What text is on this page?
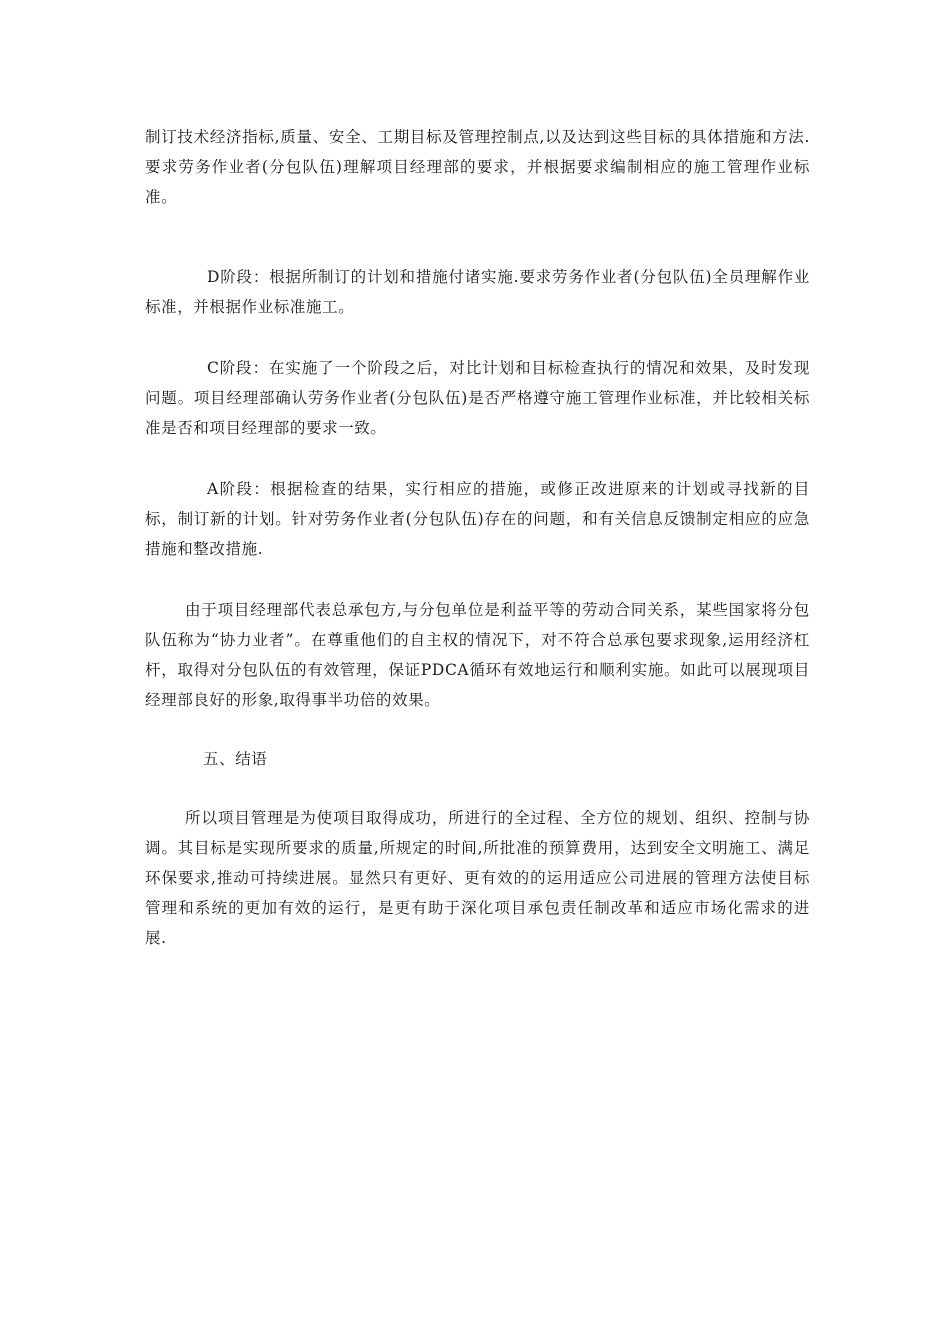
制订技术经济指标,质量、安全、工期目标及管理控制点,以及达到这些目标的具体措施和方法.要求劳务作业者(分包队伍)理解项目经理部的要求，并根据要求编制相应的施工管理作业标准。

D阶段：根据所制订的计划和措施付诸实施.要求劳务作业者(分包队伍)全员理解作业标准，并根据作业标准施工。

C阶段：在实施了一个阶段之后，对比计划和目标检查执行的情况和效果，及时发现问题。项目经理部确认劳务作业者(分包队伍)是否严格遵守施工管理作业标准，并比较相关标准是否和项目经理部的要求一致。

A阶段：根据检查的结果，实行相应的措施，或修正改进原来的计划或寻找新的目标，制订新的计划。针对劳务作业者(分包队伍)存在的问题，和有关信息反馈制定相应的应急措施和整改措施.

由于项目经理部代表总承包方,与分包单位是利益平等的劳动合同关系，某些国家将分包队伍称为“协力业者”。在尊重他们的自主权的情况下，对不符合总承包要求现象,运用经济杠杆，取得对分包队伍的有效管理，保证PDCA循环有效地运行和顺利实施。如此可以展现项目经理部良好的形象,取得事半功倍的效果。

五、结语

所以项目管理是为使项目取得成功，所进行的全过程、全方位的规划、组织、控制与协调。其目标是实现所要求的质量,所规定的时间,所批准的预算费用，达到安全文明施工、满足环保要求,推动可持续进展。显然只有更好、更有效的的运用适应公司进展的管理方法使目标管理和系统的更加有效的运行，是更有助于深化项目承包责任制改革和适应市场化需求的进展.
